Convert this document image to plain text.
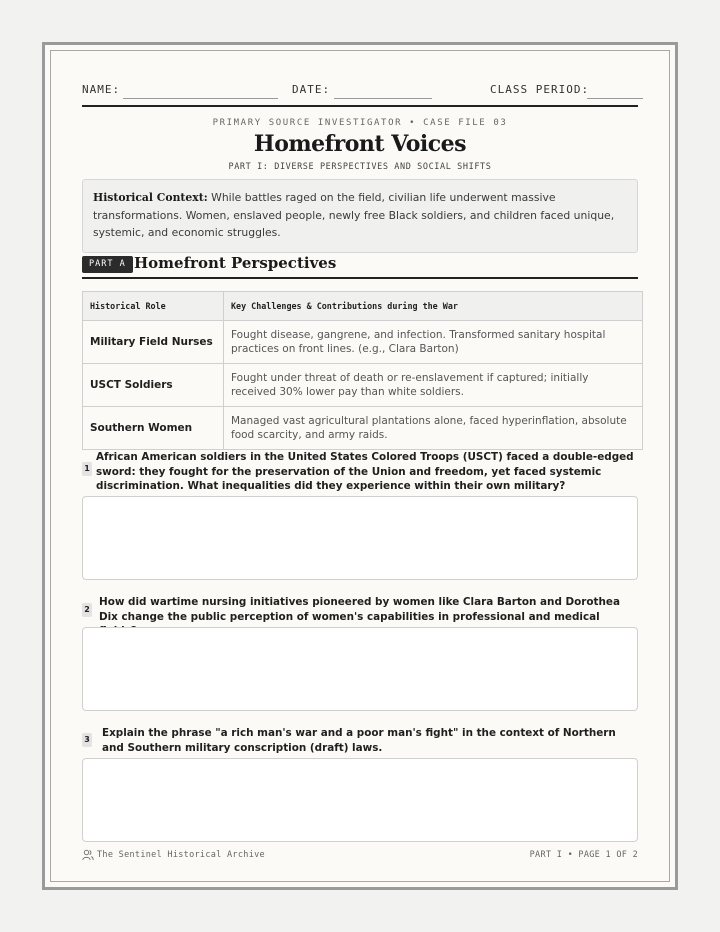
NAME:	DATE:	CLASS PERIOD:
PRIMARY SOURCE INVESTIGATOR • CASE FILE 03
Homefront Voices
PART I: DIVERSE PERSPECTIVES AND SOCIAL SHIFTS
Historical Context: While battles raged on the field, civilian life underwent massive transformations. Women, enslaved people, newly free Black soldiers, and children faced unique, systemic, and economic struggles.
PART A Homefront Perspectives
Historical Role	Key Challenges & Contributions during the War
Military Field Nurses	Fought disease, gangrene, and infection. Transformed sanitary hospital practices on front lines. (e.g., Clara Barton)
USCT Soldiers	Fought under threat of death or re-enslavement if captured; initially received 30% lower pay than white soldiers.
Southern Women	Managed vast agricultural plantations alone, faced hyperinflation, absolute food scarcity, and army raids.
1
African American soldiers in the United States Colored Troops (USCT) faced a double-edged sword: they fought for the preservation of the Union and freedom, yet faced systemic discrimination. What inequalities did they experience within their own military?
2
How did wartime nursing initiatives pioneered by women like Clara Barton and Dorothea Dix change the public perception of women's capabilities in professional and medical
3
Explain the phrase "a rich man's war and a poor man's fight" in the context of Northern and Southern military conscription (draft) laws.
The Sentinel Historical Archive	PART I • PAGE 1 OF 2
